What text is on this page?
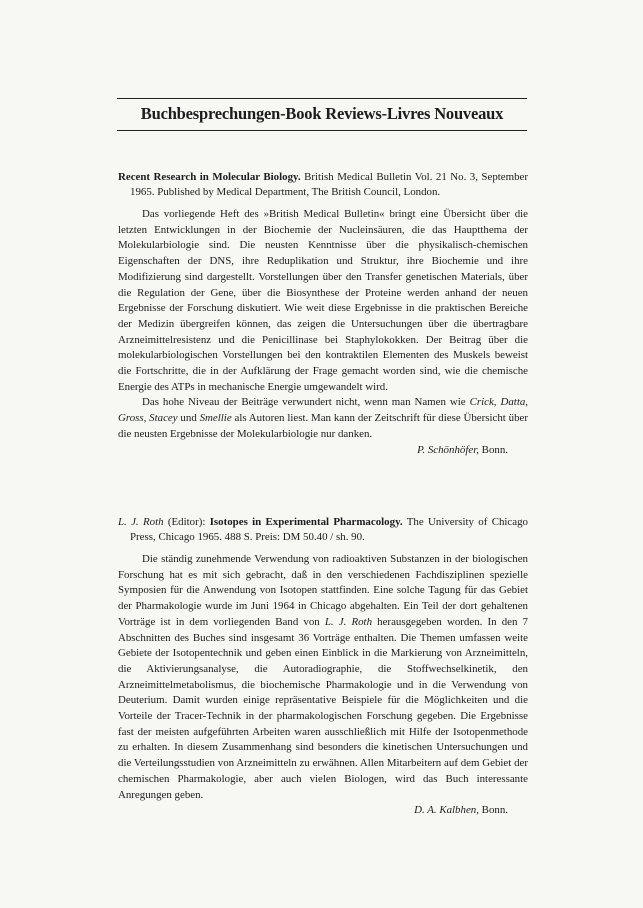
Buchbesprechungen-Book Reviews-Livres Nouveaux
Recent Research in Molecular Biology. British Medical Bulletin Vol. 21 No. 3, September 1965. Published by Medical Department, The British Council, London.

Das vorliegende Heft des »British Medical Bulletin« bringt eine Übersicht über die letzten Entwicklungen in der Biochemie der Nucleinsäuren, die das Hauptthema der Molekularbiologie sind. Die neusten Kenntnisse über die physikalisch-chemischen Eigenschaften der DNS, ihre Reduplikation und Struktur, ihre Biochemie und ihre Modifizierung sind dargestellt. Vorstellungen über den Transfer genetischen Materials, über die Regulation der Gene, über die Biosynthese der Proteine werden anhand der neuen Ergebnisse der Forschung diskutiert. Wie weit diese Ergebnisse in die praktischen Bereiche der Medizin übergreifen können, das zeigen die Untersuchungen über die übertragbare Arzneimittelresistenz und die Penicillinase bei Staphylokokken. Der Beitrag über die molekularbiologischen Vorstellungen bei den kontraktilen Elementen des Muskels beweist die Fortschritte, die in der Aufklärung der Frage gemacht worden sind, wie die chemische Energie des ATPs in mechanische Energie umgewandelt wird.

Das hohe Niveau der Beiträge verwundert nicht, wenn man Namen wie Crick, Datta, Gross, Stacey und Smellie als Autoren liest. Man kann der Zeitschrift für diese Übersicht über die neusten Ergebnisse der Molekularbiologie nur danken.

P. Schönhöfer, Bonn.
L. J. Roth (Editor): Isotopes in Experimental Pharmacology. The University of Chicago Press, Chicago 1965. 488 S. Preis: DM 50.40 / sh. 90.

Die ständig zunehmende Verwendung von radioaktiven Substanzen in der biologischen Forschung hat es mit sich gebracht, daß in den verschiedenen Fachdisziplinen spezielle Symposien für die Anwendung von Isotopen stattfinden. Eine solche Tagung für das Gebiet der Pharmakologie wurde im Juni 1964 in Chicago abgehalten. Ein Teil der dort gehaltenen Vorträge ist in dem vorliegenden Band von L. J. Roth herausgegeben worden. In den 7 Abschnitten des Buches sind insgesamt 36 Vorträge enthalten. Die Themen umfassen weite Gebiete der Isotopentechnik und geben einen Einblick in die Markierung von Arzneimitteln, die Aktivierungsanalyse, die Autoradiographie, die Stoffwechselkinetik, den Arzneimittelmetabolismus, die biochemische Pharmakologie und in die Verwendung von Deuterium. Damit wurden einige repräsentative Beispiele für die Möglichkeiten und die Vorteile der Tracer-Technik in der pharmakologischen Forschung gegeben. Die Ergebnisse fast der meisten aufgeführten Arbeiten waren ausschließlich mit Hilfe der Isotopenmethode zu erhalten. In diesem Zusammenhang sind besonders die kinetischen Untersuchungen und die Verteilungsstudien von Arzneimitteln zu erwähnen. Allen Mitarbeitern auf dem Gebiet der chemischen Pharmakologie, aber auch vielen Biologen, wird das Buch interessante Anregungen geben.

D. A. Kalbhen, Bonn.
